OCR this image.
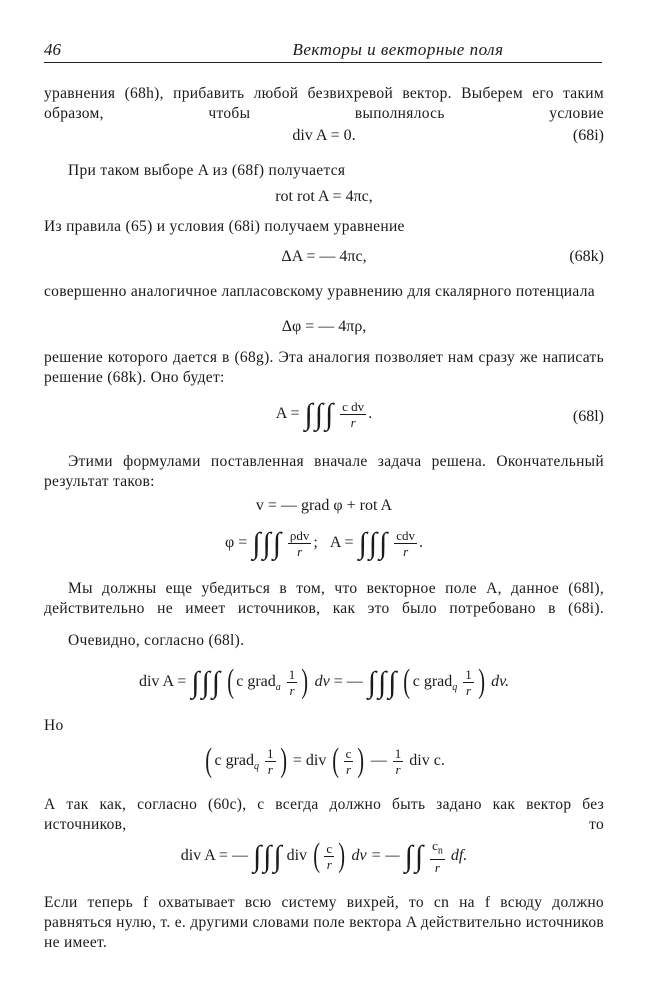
46	Векторы и векторные поля
уравнения (68h), прибавить любой безвихревой вектор. Выберем его таким образом, чтобы выполнялось условие
div A = 0.	(68i)
При таком выборе A из (68f) получается
rot rot A = 4πc,
Из правила (65) и условия (68i) получаем уравнение
ΔA = — 4πc,	(68k)
совершенно аналогичное лапласовскому уравнению для скалярного потенциала
Δφ = — 4πρ,
решение которого дается в (68g). Эта аналогия позволяет нам сразу же написать решение (68k). Оно будет:
A = ∫∫∫ $\frac{\text{c dv}}{r}$ .	(68l)
Этими формулами поставленная вначале задача решена. Окончательный результат таков:
v = — grad φ + rot A
φ = ∫∫∫ $\frac{\text{ρdv}}{r}$ ; A = ∫∫∫ $\frac{\text{cdv}}{r}$ .
Мы должны еще убедиться в том, что векторное поле A, данное (68l), действительно не имеет источников, как это было потребовано в (68i).
Очевидно, согласно (68l).
div A = ∫∫∫ ( c grad$_a$ $\frac{1}{r}$ ) dv = — ∫∫∫ ( c grad$_q$ $\frac{1}{r}$ ) dv.
Но
( c grad$_q$ $\frac{1}{r}$ ) = div ( $\frac{c}{r}$ ) — $\frac{1}{r}$ div c.
А так как, согласно (60c), c всегда должно быть задано как вектор без источников, то
div A = — ∫∫∫ div ( $\frac{c}{r}$ ) dv = — ∫∫ $\frac{c_n}{r}$ df.
Если теперь f охватывает всю систему вихрей, то cn на f всюду должно равняться нулю, т. е. другими словами поле вектора A действительно источников не имеет.
